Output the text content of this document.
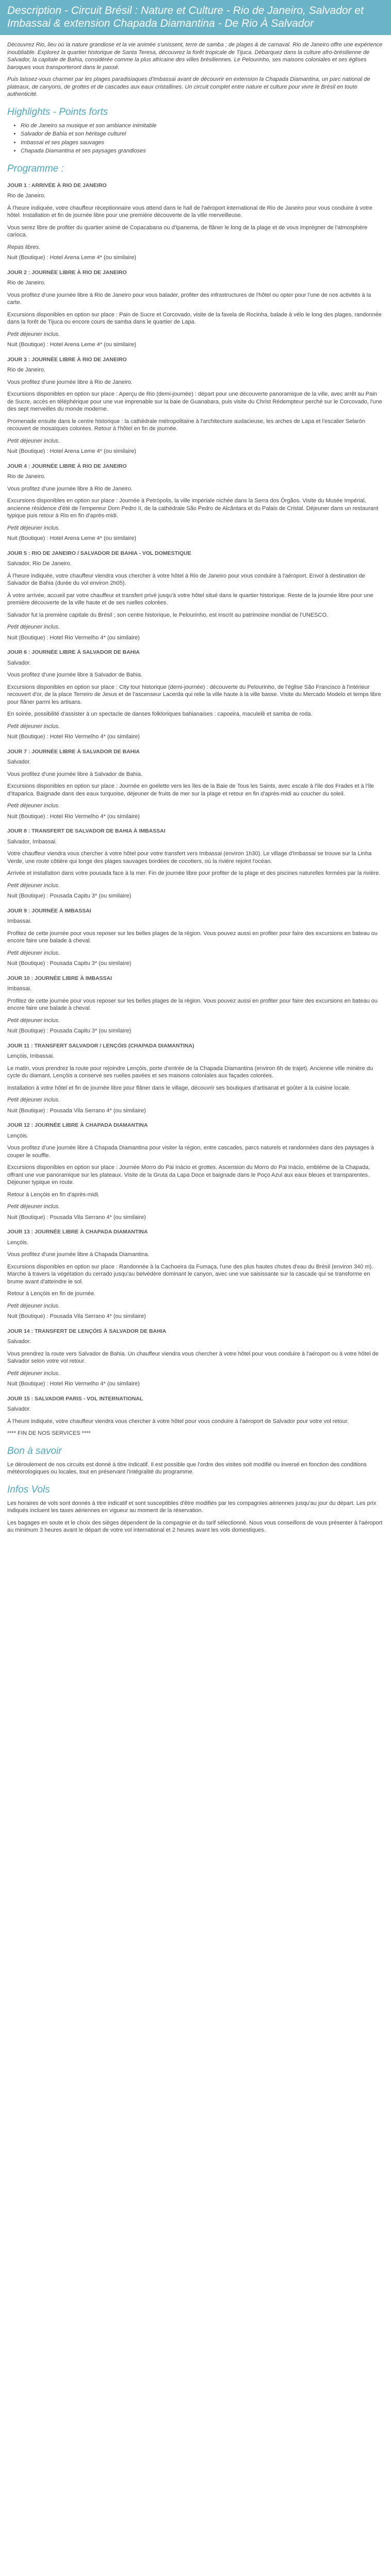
Description - Circuit Brésil : Nature et Culture - Rio de Janeiro, Salvador et Imbassai & extension Chapada Diamantina - De Rio À Salvador

Découvrez Rio, lieu où la nature grandiose et la vie animée s'unissent, terre de samba ; de plages & de carnaval. Rio de Janeiro offre une expérience inoubliable. Explorez la quartier historique de Santa Teresa, découvrez la forêt tropicale de Tijuca. Débarquez dans la culture afro-brésilienne de Salvador, la capitale de Bahia, considérée comme la plus africaine des villes brésiliennes. Le Pelourinho, ses maisons coloniales et ses églises baroques vous transporteront dans le passé.

Puis laissez-vous charmer par les plages paradisiaques d'Imbassai avant de découvrir en extension la Chapada Diamantina, un parc national de plateaux, de canyons, de grottes et de cascades aux eaux cristallines. Un circuit complet entre nature et culture pour vivre le Brésil en toute authenticité.

Highlights - Points forts
• Rio de Janeiro sa musique et son ambiance inimitable
• Salvador de Bahia et son héritage culturel
• Imbassai et ses plages sauvages
• Chapada Diamantina et ses paysages grandioses
Programme :
JOUR 1 : ARRIVÉE À RIO DE JANEIRO

Rio de Janeiro.

À l'heure indiquée, votre chauffeur réceptionnaire vous attend dans le hall de l'aéroport international de Rio de Janeiro pour vous conduire à votre hôtel. Installation et fin de journée libre pour une première découverte de la ville merveilleuse.

Vous serez libre de profiter du quartier animé de Copacabana ou d'Ipanema, de flâner le long de la plage et de vous imprégner de l'atmosphère carioca.

Repas libres.
Nuit (Boutique) : Hotel Arena Leme 4* (ou similaire)
JOUR 2 : JOURNÉE LIBRE À RIO DE JANEIRO

Rio de Janeiro.

Vous profitez d'une journée libre à Rio de Janeiro pour vous balader, profiter des infrastructures de l'hôtel ou opter pour l'une de nos activités à la carte.

Excursions disponibles en option sur place : Pain de Sucre et Corcovado, visite de la favela de Rocinha, balade à vélo le long des plages, randonnée dans la forêt de Tijuca ou encore cours de samba dans le quartier de Lapa.

Petit déjeuner inclus.
Nuit (Boutique) : Hotel Arena Leme 4* (ou similaire)
JOUR 3 : JOURNÉE LIBRE À RIO DE JANEIRO

Rio de Janeiro.

Vous profitez d'une journée libre à Rio de Janeiro.

Excursions disponibles en option sur place : Aperçu de Rio (demi-journée) : départ pour une découverte panoramique de la ville, avec arrêt au Pain de Sucre, accès en téléphérique pour une vue imprenable sur la baie de Guanabara, puis visite du Christ Rédempteur perché sur le Corcovado, l'une des sept merveilles du monde moderne.

Promenade ensuite dans le centre historique : la cathédrale métropolitaine à l'architecture audacieuse, les arches de Lapa et l'escalier Selarón recouvert de mosaïques colorées. Retour à l'hôtel en fin de journée.

Petit déjeuner inclus.
Nuit (Boutique) : Hotel Arena Leme 4* (ou similaire)
JOUR 4 : JOURNÉE LIBRE À RIO DE JANEIRO

Rio de Janeiro.

Vous profitez d'une journée libre à Rio de Janeiro.

Excursions disponibles en option sur place : Journée à Petrópolis, la ville impériale nichée dans la Serra dos Órgãos. Visite du Musée Impérial, ancienne résidence d'été de l'empereur Dom Pedro II, de la cathédrale São Pedro de Alcântara et du Palais de Cristal. Déjeuner dans un restaurant typique puis retour à Rio en fin d'après-midi.

Petit déjeuner inclus.
Nuit (Boutique) : Hotel Arena Leme 4* (ou similaire)
JOUR 5 : RIO DE JANEIRO / SALVADOR DE BAHIA - VOL DOMESTIQUE

Salvador, Rio De Janeiro.

À l'heure indiquée, votre chauffeur viendra vous chercher à votre hôtel à Rio de Janeiro pour vous conduire à l'aéroport. Envol à destination de Salvador de Bahia (durée du vol environ 2h05).

À votre arrivée, accueil par votre chauffeur et transfert privé jusqu'à votre hôtel situé dans le quartier historique. Reste de la journée libre pour une première découverte de la ville haute et de ses ruelles colorées.

Salvador fut la première capitale du Brésil ; son centre historique, le Pelourinho, est inscrit au patrimoine mondial de l'UNESCO.

Petit déjeuner inclus.
Nuit (Boutique) : Hotel Rio Vermelho 4* (ou similaire)
JOUR 6 : JOURNÉE LIBRE À SALVADOR DE BAHIA

Salvador.

Vous profitez d'une journée libre à Salvador de Bahia.

Excursions disponibles en option sur place : City tour historique (demi-journée) : découverte du Pelourinho, de l'église São Francisco à l'intérieur recouvert d'or, de la place Terreiro de Jesus et de l'ascenseur Lacerda qui relie la ville haute à la ville basse. Visite du Mercado Modelo et temps libre pour flâner parmi les artisans.

En soirée, possibilité d'assister à un spectacle de danses folkloriques bahianaises : capoeira, maculelê et samba de roda.

Petit déjeuner inclus.
Nuit (Boutique) : Hotel Rio Vermelho 4* (ou similaire)
JOUR 7 : JOURNÉE LIBRE À SALVADOR DE BAHIA

Salvador.

Vous profitez d'une journée libre à Salvador de Bahia.

Excursions disponibles en option sur place : Journée en goélette vers les îles de la Baie de Tous les Saints, avec escale à l'île dos Frades et à l'île d'Itaparica. Baignade dans des eaux turquoise, déjeuner de fruits de mer sur la plage et retour en fin d'après-midi au coucher du soleil.

Petit déjeuner inclus.
Nuit (Boutique) : Hotel Rio Vermelho 4* (ou similaire)
JOUR 8 : TRANSFERT DE SALVADOR DE BAHIA À IMBASSAI

Salvador, Imbassai.

Votre chauffeur viendra vous chercher à votre hôtel pour votre transfert vers Imbassai (environ 1h30). Le village d'Imbassai se trouve sur la Linha Verde, une route côtière qui longe des plages sauvages bordées de cocotiers, où la rivière rejoint l'océan.

Arrivée et installation dans votre pousada face à la mer. Fin de journée libre pour profiter de la plage et des piscines naturelles formées par la rivière.

Petit déjeuner inclus.
Nuit (Boutique) : Pousada Capitu 3* (ou similaire)
JOUR 9 : JOURNÉE À IMBASSAI

Imbassai.

Profitez de cette journée pour vous reposer sur les belles plages de la région. Vous pouvez aussi en profiter pour faire des excursions en bateau ou encore faire une balade à cheval.

Petit déjeuner inclus.
Nuit (Boutique) : Pousada Capitu 3* (ou similaire)
JOUR 10 : JOURNÉE LIBRE À IMBASSAI

Imbassai.

Profitez de cette journée pour vous reposer sur les belles plages de la région. Vous pouvez aussi en profiter pour faire des excursions en bateau ou encore faire une balade à cheval.

Petit déjeuner inclus.
Nuit (Boutique) : Pousada Capitu 3* (ou similaire)
JOUR 11 : TRANSFERT SALVADOR / LENÇÓIS (CHAPADA DIAMANTINA)

Lençóis, Imbassai.

Le matin, vous prendrez la route pour rejoindre Lençóis, porte d'entrée de la Chapada Diamantina (environ 6h de trajet). Ancienne ville minière du cycle du diamant, Lençóis a conservé ses ruelles pavées et ses maisons coloniales aux façades colorées.

Installation à votre hôtel et fin de journée libre pour flâner dans le village, découvrir ses boutiques d'artisanat et goûter à la cuisine locale.

Petit déjeuner inclus.
Nuit (Boutique) : Pousada Vila Serrano 4* (ou similaire)
JOUR 12 : JOURNÉE LIBRE À CHAPADA DIAMANTINA

Lençóis.

Vous profitez d'une journée libre à Chapada Diamantina pour visiter la région, entre cascades, parcs naturels et randonnées dans des paysages à couper le souffle.

Excursions disponibles en option sur place : Journée Morro do Pai Inácio et grottes. Ascension du Morro do Pai Inácio, emblème de la Chapada, offrant une vue panoramique sur les plateaux. Visite de la Gruta da Lapa Doce et baignade dans le Poço Azul aux eaux bleues et transparentes. Déjeuner typique en route.

Retour à Lençóis en fin d'après-midi.

Petit déjeuner inclus.
Nuit (Boutique) : Pousada Vila Serrano 4* (ou similaire)
JOUR 13 : JOURNÉE LIBRE À CHAPADA DIAMANTINA

Lençóis.

Vous profitez d'une journée libre à Chapada Diamantina.

Excursions disponibles en option sur place : Randonnée à la Cachoeira da Fumaça, l'une des plus hautes chutes d'eau du Brésil (environ 340 m). Marche à travers la végétation du cerrado jusqu'au belvédère dominant le canyon, avec une vue saisissante sur la cascade qui se transforme en brume avant d'atteindre le sol.

Retour à Lençóis en fin de journée.

Petit déjeuner inclus.
Nuit (Boutique) : Pousada Vila Serrano 4* (ou similaire)
JOUR 14 : TRANSFERT DE LENÇÓIS À SALVADOR DE BAHIA

Salvador.

Vous prendrez la route vers Salvador de Bahia. Un chauffeur viendra vous chercher à votre hôtel pour vous conduire à l'aéroport ou à votre hôtel de Salvador selon votre vol retour.

Petit déjeuner inclus.
Nuit (Boutique) : Hotel Rio Vermelho 4* (ou similaire)
JOUR 15 : SALVADOR PARIS - VOL INTERNATIONAL

Salvador.

À l'heure indiquée, votre chauffeur viendra vous chercher à votre hôtel pour vous conduire à l'aéroport de Salvador pour votre vol retour.

**** FIN DE NOS SERVICES ****

Bon à savoir

Le déroulement de nos circuits est donné à titre indicatif. Il est possible que l'ordre des visites soit modifié ou inversé en fonction des conditions météorologiques ou locales, tout en préservant l'intégralité du programme.

Infos Vols

Les horaires de vols sont donnés à titre indicatif et sont susceptibles d'être modifiés par les compagnies aériennes jusqu'au jour du départ. Les prix indiqués incluent les taxes aériennes en vigueur au moment de la réservation.

Les bagages en soute et le choix des sièges dépendent de la compagnie et du tarif sélectionné. Nous vous conseillons de vous présenter à l'aéroport au minimum 3 heures avant le départ de votre vol international et 2 heures avant les vols domestiques.
